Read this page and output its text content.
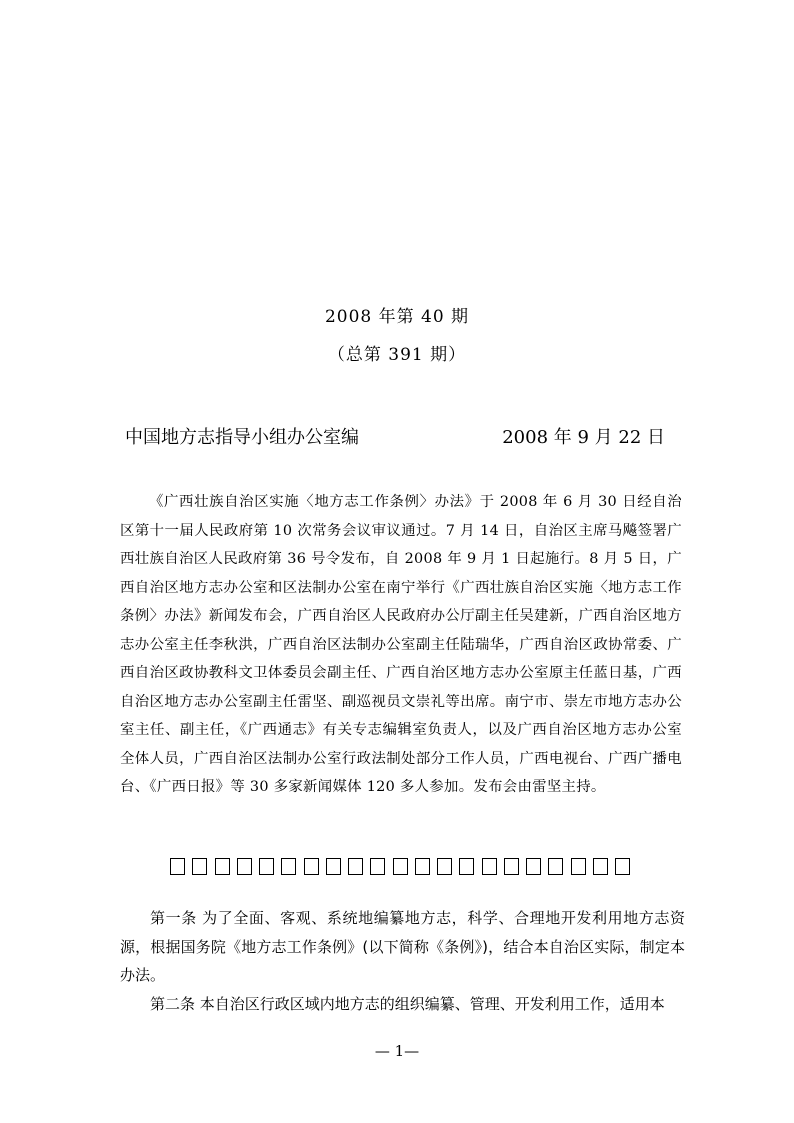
2008 年第 40 期
（总第 391 期）
中国地方志指导小组办公室编	2008 年 9 月 22 日
《广西壮族自治区实施〈地方志工作条例〉办法》于 2008 年 6 月 30 日经自治区第十一届人民政府第 10 次常务会议审议通过。7 月 14 日，自治区主席马飚签署广西壮族自治区人民政府第 36 号令发布，自 2008 年 9 月 1 日起施行。8 月 5 日，广西自治区地方志办公室和区法制办公室在南宁举行《广西壮族自治区实施〈地方志工作条例〉办法》新闻发布会，广西自治区人民政府办公厅副主任吴建新，广西自治区地方志办公室主任李秋洪，广西自治区法制办公室副主任陆瑞华，广西自治区政协常委、广西自治区政协教科文卫体委员会副主任、广西自治区地方志办公室原主任蓝日基，广西自治区地方志办公室副主任雷坚、副巡视员文崇礼等出席。南宁市、崇左市地方志办公室主任、副主任，《广西通志》有关专志编辑室负责人，以及广西自治区地方志办公室全体人员，广西自治区法制办公室行政法制处部分工作人员，广西电视台、广西广播电台、《广西日报》等 30 多家新闻媒体 120 多人参加。发布会由雷坚主持。
第一条 为了全面、客观、系统地编纂地方志，科学、合理地开发利用地方志资源，根据国务院《地方志工作条例》(以下简称《条例》)，结合本自治区实际，制定本办法。
第二条 本自治区行政区域内地方志的组织编纂、管理、开发利用工作，适用本
— 1—
